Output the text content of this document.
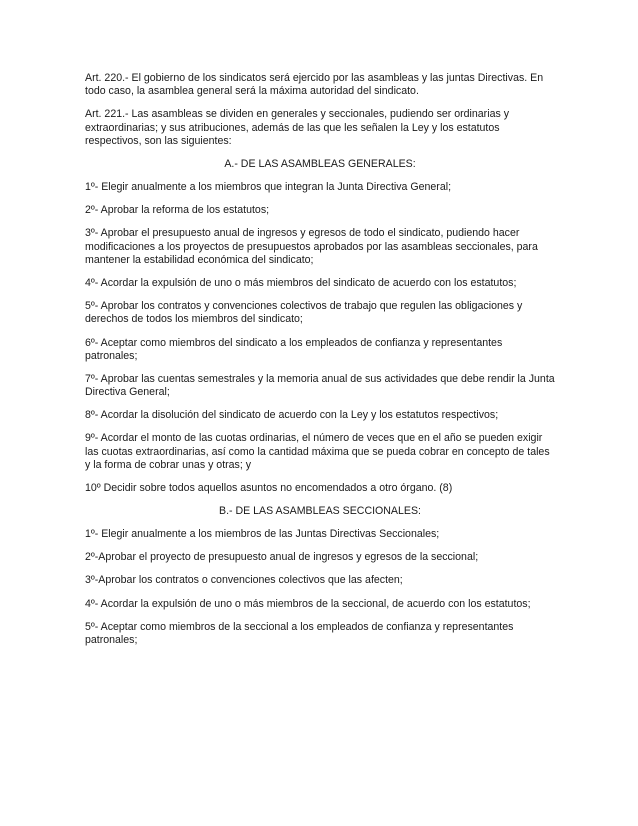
Art. 220.- El gobierno de los sindicatos será ejercido por las asambleas y las juntas Directivas. En todo caso, la asamblea general será la máxima autoridad del sindicato.

Art. 221.- Las asambleas se dividen en generales y seccionales, pudiendo ser ordinarias y extraordinarias; y sus atribuciones, además de las que les señalen la Ley y los estatutos respectivos, son las siguientes:

A.- DE LAS ASAMBLEAS GENERALES:

1º- Elegir anualmente a los miembros que integran la Junta Directiva General;

2º- Aprobar la reforma de los estatutos;

3º- Aprobar el presupuesto anual de ingresos y egresos de todo el sindicato, pudiendo hacer modificaciones a los proyectos de presupuestos aprobados por las asambleas seccionales, para mantener la estabilidad económica del sindicato;

4º- Acordar la expulsión de uno o más miembros del sindicato de acuerdo con los estatutos;

5º- Aprobar los contratos y convenciones colectivos de trabajo que regulen las obligaciones y derechos de todos los miembros del sindicato;

6º- Aceptar como miembros del sindicato a los empleados de confianza y representantes patronales;

7º- Aprobar las cuentas semestrales y la memoria anual de sus actividades que debe rendir la Junta Directiva General;

8º- Acordar la disolución del sindicato de acuerdo con la Ley y los estatutos respectivos;

9º- Acordar el monto de las cuotas ordinarias, el número de veces que en el año se pueden exigir las cuotas extraordinarias, así como la cantidad máxima que se pueda cobrar en concepto de tales y la forma de cobrar unas y otras; y

10º Decidir sobre todos aquellos asuntos no encomendados a otro órgano. (8)

B.- DE LAS ASAMBLEAS SECCIONALES:

1º- Elegir anualmente a los miembros de las Juntas Directivas Seccionales;

2º-Aprobar el proyecto de presupuesto anual de ingresos y egresos de la seccional;

3º-Aprobar los contratos o convenciones colectivos que las afecten;

4º- Acordar la expulsión de uno o más miembros de la seccional, de acuerdo con los estatutos;

5º- Aceptar como miembros de la seccional a los empleados de confianza y representantes patronales;
